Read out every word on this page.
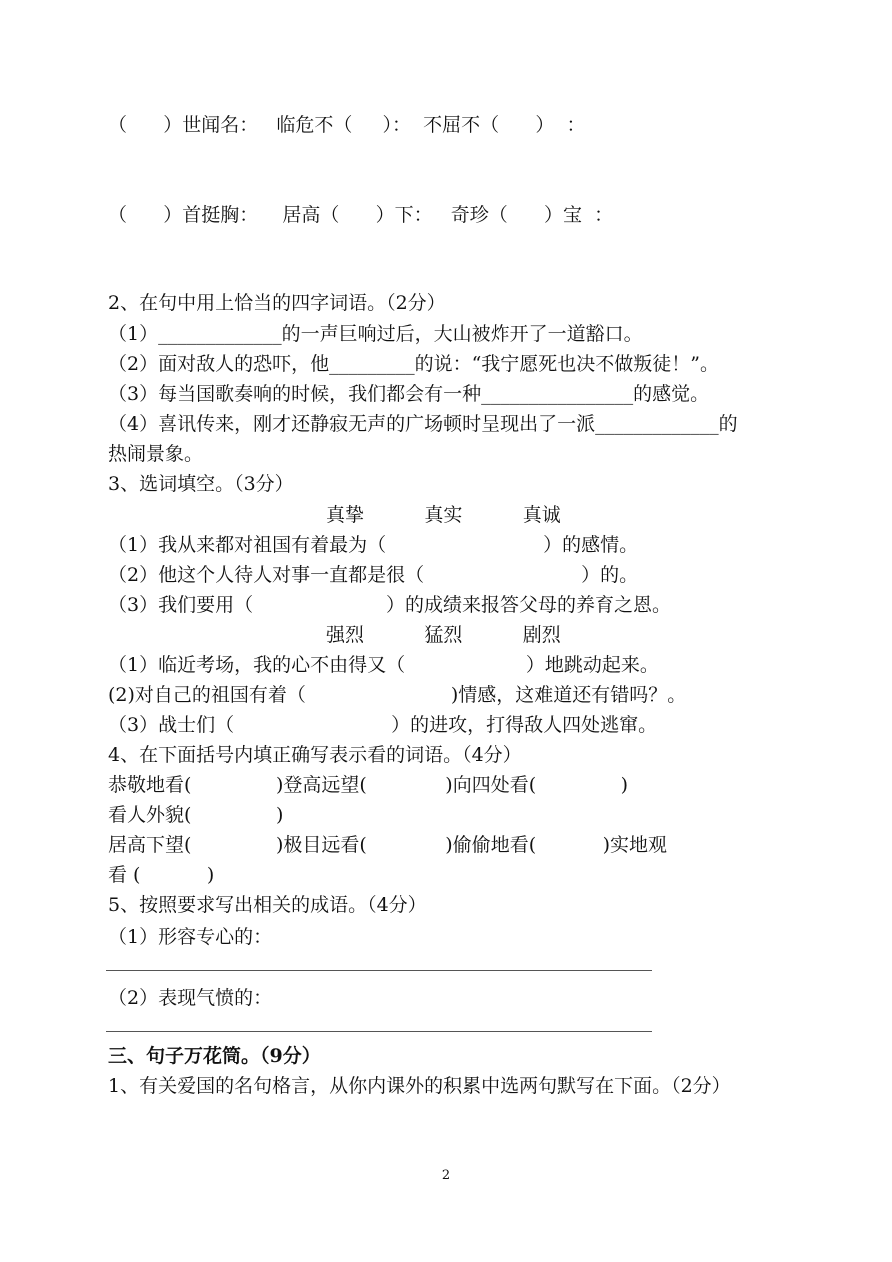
（      ）世闻名：   临危不（     ）：  不屈不（      ）  ：
（      ）首挺胸：    居高（      ）下：   奇珍（      ）宝  ：
2、在句中用上恰当的四字词语。（2分）
（1）_____________的一声巨响过后，大山被炸开了一道豁口。
（2）面对敌人的恐吓，他_________的说：“我宁愿死也决不做叛徒！”。
（3）每当国歌奏响的时候，我们都会有一种________________的感觉。
（4）喜讯传来，刚才还静寂无声的广场顿时呈现出了一派_____________的
热闹景象。
3、选词填空。（3分）
真挚          真实          真诚
（1）我从来都对祖国有着最为（                          ）的感情。
（2）他这个人待人对事一直都是很（                          ）的。
（3）我们要用（                      ）的成绩来报答父母的养育之恩。
强烈          猛烈          剧烈
（1）临近考场，我的心不由得又（                    ）地跳动起来。
(2)对自己的祖国有着（                        )情感，这难道还有错吗？。
（3）战士们（                          ）的进攻，打得敌人四处逃窜。
4、在下面括号内填正确写表示看的词语。（4分）
恭敬地看(              )登高远望(             )向四处看(              )
看人外貌(              )
居高下望(              )极目远看(             )偷偷地看(           )实地观
看 (           )
5、按照要求写出相关的成语。（4分）
（1）形容专心的：
（2）表现气愤的：
三、句子万花筒。（9分）
1、有关爱国的名句格言，从你内课外的积累中选两句默写在下面。（2分）
2
